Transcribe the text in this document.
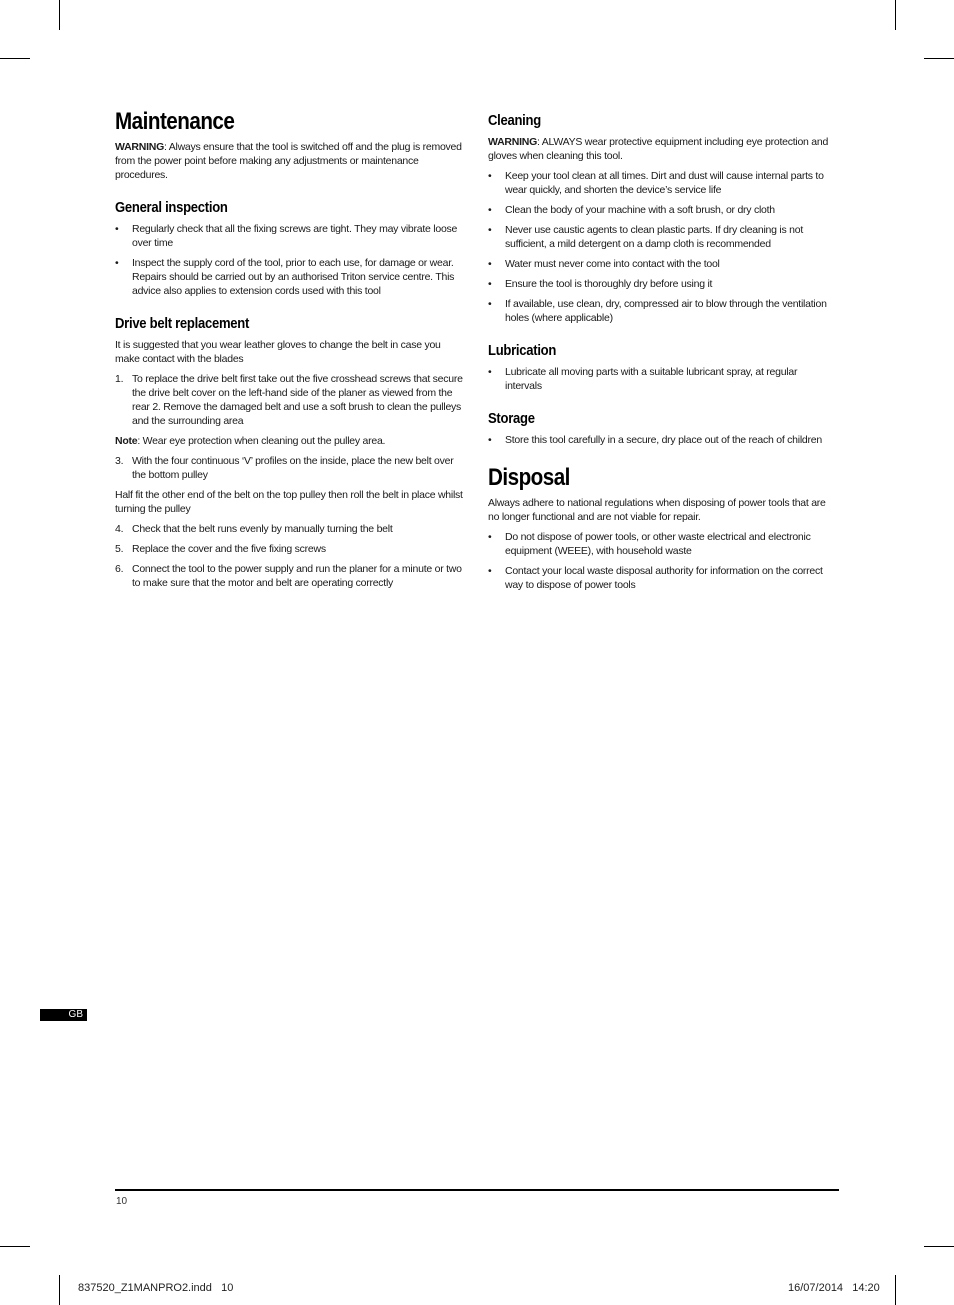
Maintenance

WARNING: Always ensure that the tool is switched off and the plug is removed from the power point before making any adjustments or maintenance procedures.

General inspection
• Regularly check that all the fixing screws are tight. They may vibrate loose over time
• Inspect the supply cord of the tool, prior to each use, for damage or wear. Repairs should be carried out by an authorised Triton service centre. This advice also applies to extension cords used with this tool
Drive belt replacement

It is suggested that you wear leather gloves to change the belt in case you make contact with the blades

1. To replace the drive belt first take out the five crosshead screws that secure the drive belt cover on the left-hand side of the planer as viewed from the rear 2. Remove the damaged belt and use a soft brush to clean the pulleys and the surrounding area

Note: Wear eye protection when cleaning out the pulley area.

3. With the four continuous ‘V’ profiles on the inside, place the new belt over the bottom pulley

Half fit the other end of the belt on the top pulley then roll the belt in place whilst turning the pulley

4. Check that the belt runs evenly by manually turning the belt
5. Replace the cover and the five fixing screws
6. Connect the tool to the power supply and run the planer for a minute or two to make sure that the motor and belt are operating correctly
Cleaning

WARNING: ALWAYS wear protective equipment including eye protection and gloves when cleaning this tool.

• Keep your tool clean at all times. Dirt and dust will cause internal parts to wear quickly, and shorten the device’s service life
• Clean the body of your machine with a soft brush, or dry cloth
• Never use caustic agents to clean plastic parts. If dry cleaning is not sufficient, a mild detergent on a damp cloth is recommended
• Water must never come into contact with the tool
• Ensure the tool is thoroughly dry before using it
• If available, use clean, dry, compressed air to blow through the ventilation holes (where applicable)
Lubrication
• Lubricate all moving parts with a suitable lubricant spray, at regular intervals
Storage
• Store this tool carefully in a secure, dry place out of the reach of children
Disposal

Always adhere to national regulations when disposing of power tools that are no longer functional and are not viable for repair.

• Do not dispose of power tools, or other waste electrical and electronic equipment (WEEE), with household waste
• Contact your local waste disposal authority for information on the correct way to dispose of power tools
GB
10
837520_Z1MANPRO2.indd   10	16/07/2014   14:20
